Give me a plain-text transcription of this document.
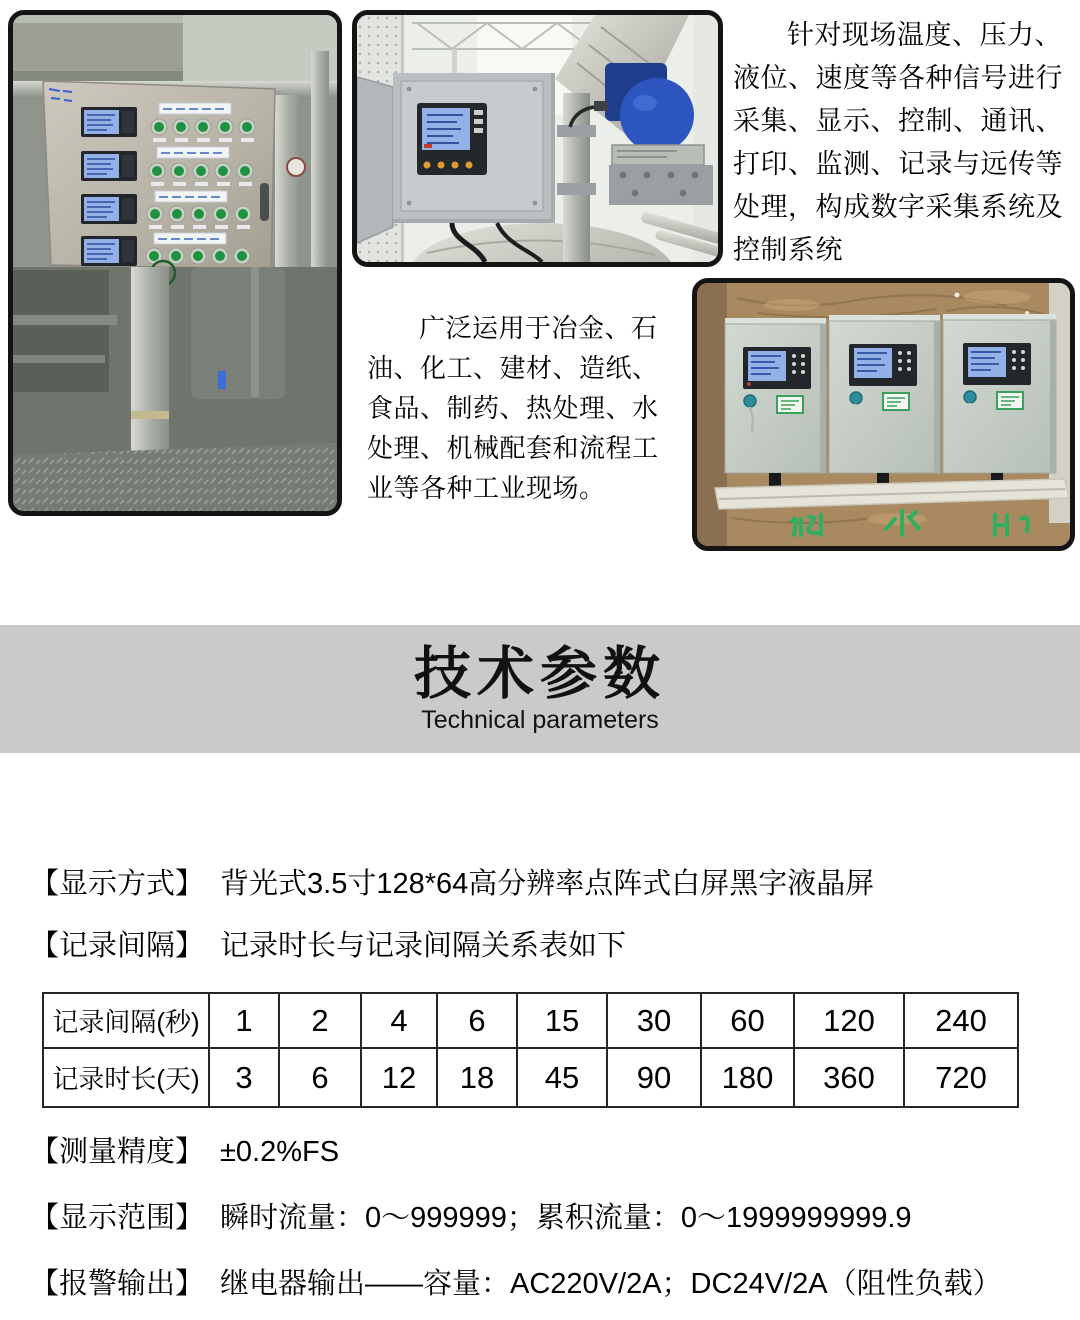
针对现场温度、压力、
液位、速度等各种信号进行
采集、显示、控制、通讯、
打印、监测、记录与远传等
处理，构成数字采集系统及
控制系统
广泛运用于冶金、石
油、化工、建材、造纸、
食品、制药、热处理、水
处理、机械配套和流程工
业等各种工业现场。
技术参数
Technical parameters
【显示方式】 背光式3.5寸128*64高分辨率点阵式白屏黑字液晶屏
【记录间隔】 记录时长与记录间隔关系表如下
记录间隔(秒)	1	2	4	6	15	30	60	120	240
记录时长(天)	3	6	12	18	45	90	180	360	720
【测量精度】 ±0.2%FS
【显示范围】 瞬时流量：0～999999；累积流量：0～1999999999.9
【报警输出】 继电器输出——容量：AC220V/2A；DC24V/2A（阻性负载）
